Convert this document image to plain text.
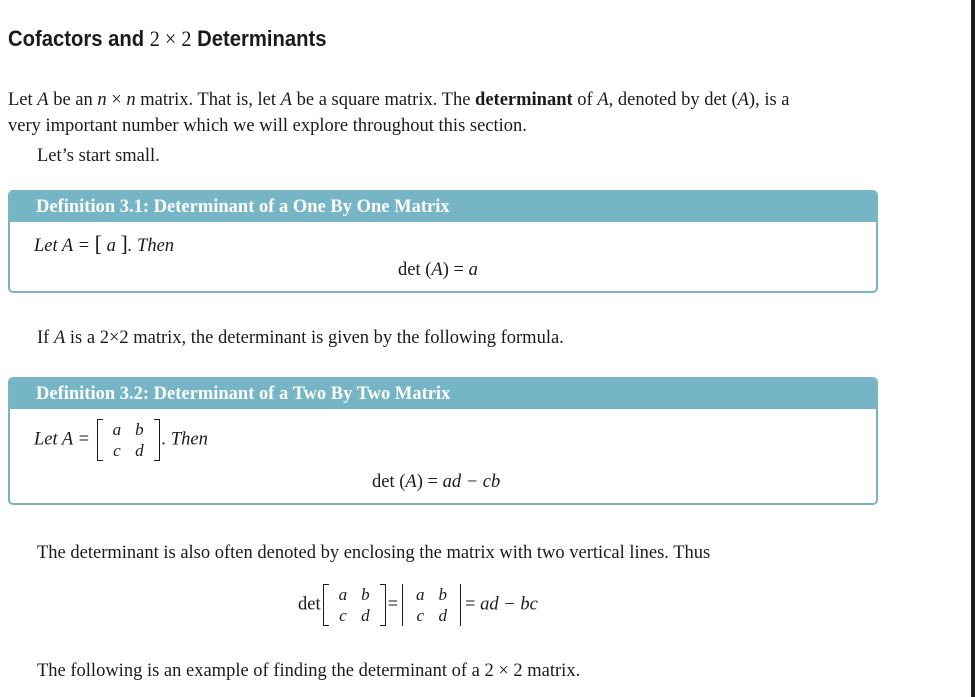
Cofactors and 2 × 2 Determinants

Let A be an n × n matrix. That is, let A be a square matrix. The determinant of A, denoted by det (A), is a
very important number which we will explore throughout this section.

Let’s start small.

Definition 3.1: Determinant of a One By One Matrix
Let A = [ a ]. Then
det (A) = a

If A is a 2×2 matrix, the determinant is given by the following formula.

Definition 3.2: Determinant of a Two By Two Matrix
Let A = a	b
c	d
. Then
det (A) = ad − cb

The determinant is also often denoted by enclosing the matrix with two vertical lines. Thus

det a	b
c	d
= a	b
c	d
= ad − bc

The following is an example of finding the determinant of a 2 × 2 matrix.
